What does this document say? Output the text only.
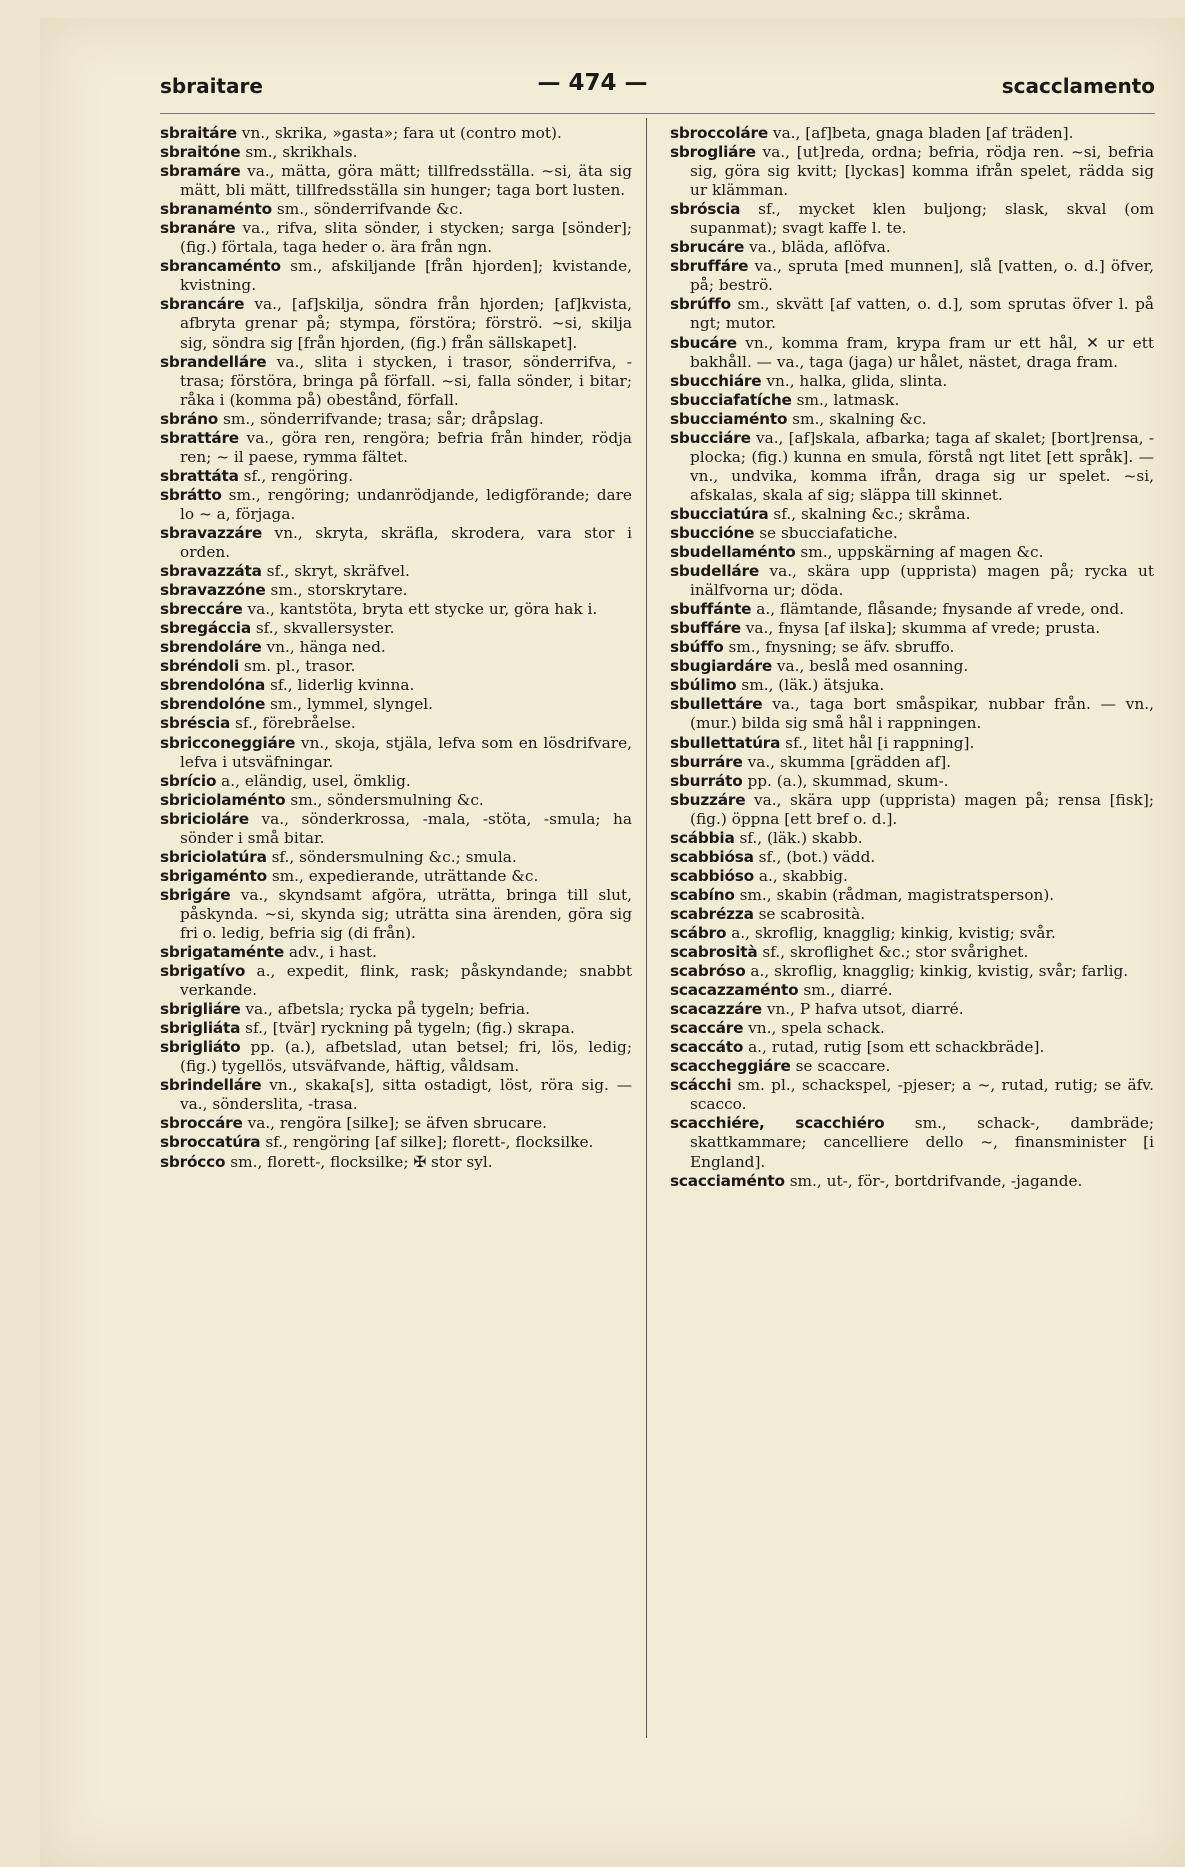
sbraitare	— 474 —	scacclamento

sbraitáre vn., skrika, »gasta»; fara ut (contro mot).

sbraitóne sm., skrikhals.

sbramáre va., mätta, göra mätt; tillfredsställa. ~si, äta sig mätt, bli mätt, tillfredsställa sin hunger; taga bort lusten.

sbranaménto sm., sönderrifvande &c.

sbranáre va., rifva, slita sönder, i stycken; sarga [sönder]; (fig.) förtala, taga heder o. ära från ngn.

sbrancaménto sm., afskiljande [från hjorden]; kvistande, kvistning.

sbrancáre va., [af]skilja, söndra från hjorden; [af]kvista, afbryta grenar på; stympa, förstöra; förströ. ~si, skilja sig, söndra sig [från hjorden, (fig.) från sällskapet].

sbrandelláre va., slita i stycken, i trasor, sönderrifva, -trasa; förstöra, bringa på förfall. ~si, falla sönder, i bitar; råka i (komma på) obestånd, förfall.

sbráno sm., sönderrifvande; trasa; sår; dråpslag.

sbrattáre va., göra ren, rengöra; befria från hinder, rödja ren; ~ il paese, rymma fältet.

sbrattáta sf., rengöring.

sbrátto sm., rengöring; undanrödjande, ledigförande; dare lo ~ a, förjaga.

sbravazzáre vn., skryta, skräfla, skrodera, vara stor i orden.

sbravazzáta sf., skryt, skräfvel.

sbravazzóne sm., storskrytare.

sbreccáre va., kantstöta, bryta ett stycke ur, göra hak i.

sbregáccia sf., skvallersyster.

sbrendoláre vn., hänga ned.

sbréndoli sm. pl., trasor.

sbrendolóna sf., liderlig kvinna.

sbrendolóne sm., lymmel, slyngel.

sbréscia sf., förebråelse.

sbricconeggiáre vn., skoja, stjäla, lefva som en lösdrifvare, lefva i utsväfningar.

sbrício a., eländig, usel, ömklig.

sbriciolaménto sm., söndersmulning &c.

sbricioláre va., sönderkrossa, -mala, -stöta, -smula; ha sönder i små bitar.

sbriciolatúra sf., söndersmulning &c.; smula.

sbrigaménto sm., expedierande, uträttande &c.

sbrigáre va., skyndsamt afgöra, uträtta, bringa till slut, påskynda. ~si, skynda sig; uträtta sina ärenden, göra sig fri o. ledig, befria sig (di från).

sbrigataménte adv., i hast.

sbrigatívo a., expedit, flink, rask; påskyndande; snabbt verkande.

sbrigliáre va., afbetsla; rycka på tygeln; befria.

sbrigliáta sf., [tvär] ryckning på tygeln; (fig.) skrapa.

sbrigliáto pp. (a.), afbetslad, utan betsel; fri, lös, ledig; (fig.) tygellös, utsväfvande, häftig, våldsam.

sbrindelláre vn., skaka[s], sitta ostadigt, löst, röra sig. — va., sönderslita, -trasa.

sbroccáre va., rengöra [silke]; se äfven sbrucare.

sbroccatúra sf., rengöring [af silke]; florett-, flocksilke.

sbróccо sm., florett-, flocksilke; ✠ stor syl.

sbroccoláre va., [af]beta, gnaga bladen [af träden].

sbrogliáre va., [ut]reda, ordna; befria, rödja ren. ~si, befria sig, göra sig kvitt; [lyckas] komma ifrån spelet, rädda sig ur klämman.

sbróscia sf., mycket klen buljong; slask, skval (om supanmat); svagt kaffe l. te.

sbrucáre va., bläda, aflöfva.

sbruffáre va., spruta [med munnen], slå [vatten, o. d.] öfver, på; beströ.

sbrúffo sm., skvätt [af vatten, o. d.], som sprutas öfver l. på ngt; mutor.

sbucáre vn., komma fram, krypa fram ur ett hål, ✕ ur ett bakhåll. — va., taga (jaga) ur hålet, nästet, draga fram.

sbucchiáre vn., halka, glida, slinta.

sbucciafatíche sm., latmask.

sbucciaménto sm., skalning &c.

sbucciáre va., [af]skala, afbarka; taga af skalet; [bort]rensa, -plocka; (fig.) kunna en smula, förstå ngt litet [ett språk]. — vn., undvika, komma ifrån, draga sig ur spelet. ~si, afskalas, skala af sig; släppa till skinnet.

sbucciatúra sf., skalning &c.; skråma.

sbuccióne se sbucciafatiche.

sbudellaménto sm., uppskärning af magen &c.

sbudelláre va., skära upp (upprista) magen på; rycka ut inälfvorna ur; döda.

sbuffánte a., flämtande, flåsande; fnysande af vrede, ond.

sbuffáre va., fnysa [af ilska]; skumma af vrede; prusta.

sbúffo sm., fnysning; se äfv. sbruffo.

sbugiardáre va., beslå med osanning.

sbúlimo sm., (läk.) ätsjuka.

sbullettáre va., taga bort småspikar, nubbar från. — vn., (mur.) bilda sig små hål i rappningen.

sbullettatúra sf., litet hål [i rappning].

sburráre va., skumma [grädden af].

sburráto pp. (a.), skummad, skum-.

sbuzzáre va., skära upp (upprista) magen på; rensa [fisk]; (fig.) öppna [ett bref o. d.].

scábbia sf., (läk.) skabb.

scabbiósa sf., (bot.) vädd.

scabbióso a., skabbig.

scabíno sm., skabin (rådman, magistratsperson).

scabrézza se scabrosità.

scábro a., skroflig, knagglig; kinkig, kvistig; svår.

scabrosità sf., skroflighet &c.; stor svårighet.

scabróso a., skroflig, knagglig; kinkig, kvistig, svår; farlig.

scacazzaménto sm., diarré.

scacazzáre vn., P hafva utsot, diarré.

scaccáre vn., spela schack.

scaccáto a., rutad, rutig [som ett schackbräde].

scaccheggiáre se scaccare.

scácchi sm. pl., schackspel, -pjeser; a ~, rutad, rutig; se äfv. scacco.

scacchiére, scacchiéro sm., schack-, dambräde; skattkammare; cancelliere dello ~, finansminister [i England].

scacciaménto sm., ut-, för-, bortdrifvande, -jagande.
